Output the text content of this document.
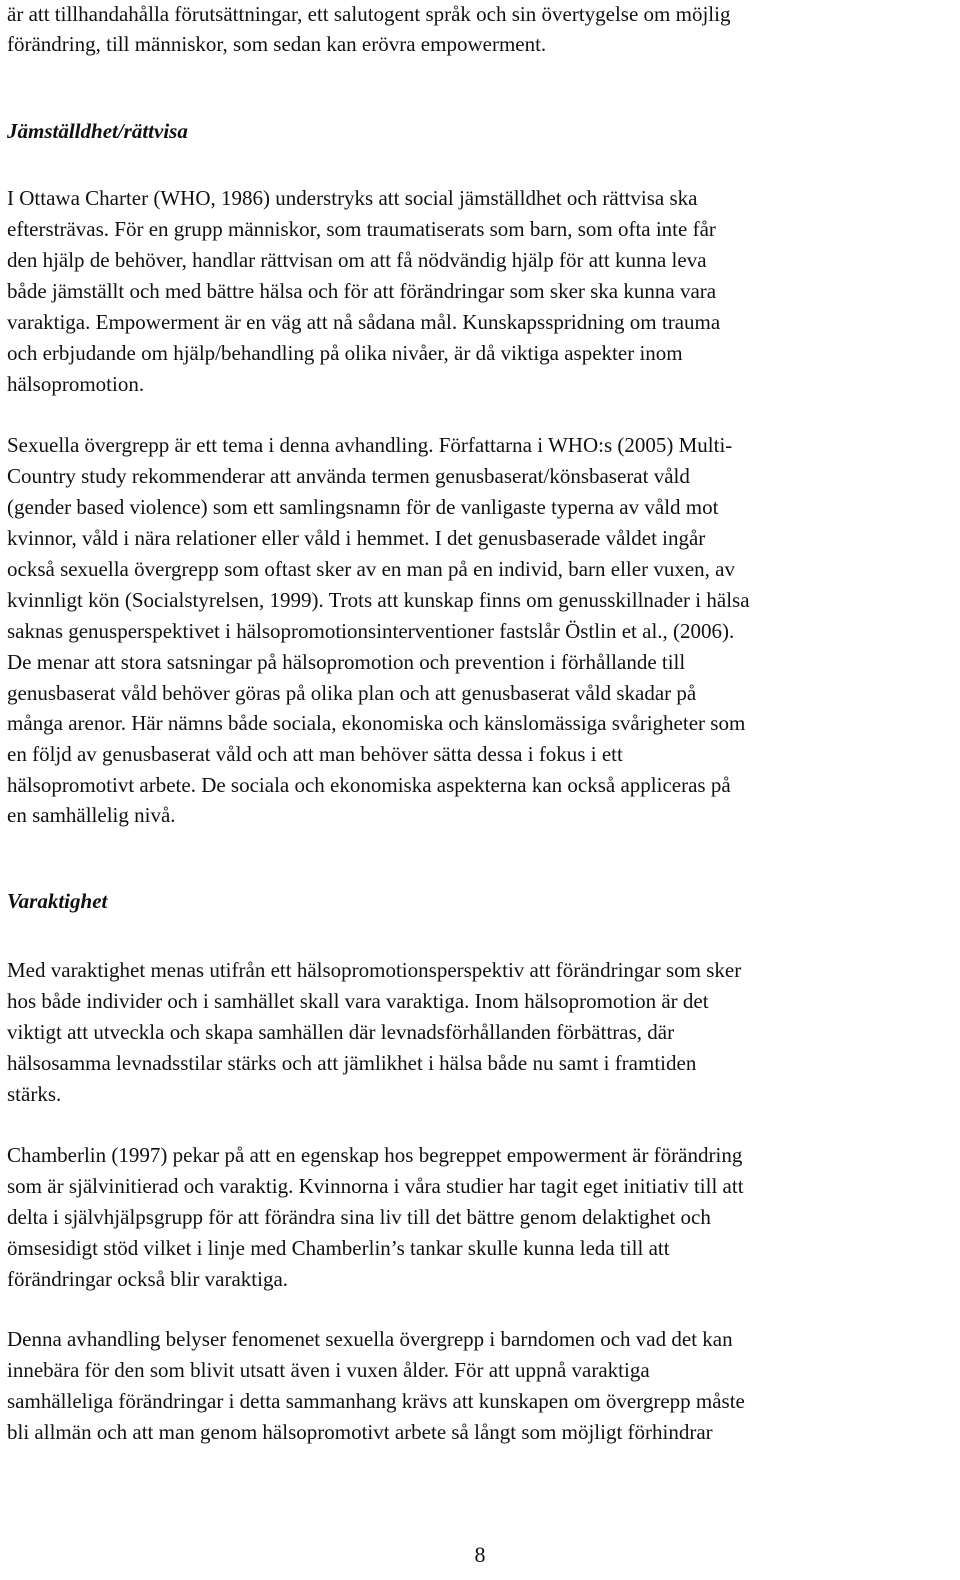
är att tillhandahålla förutsättningar, ett salutogent språk och sin övertygelse om möjlig
förändring, till människor, som sedan kan erövra empowerment.
Jämställdhet/rättvisa
I Ottawa Charter (WHO, 1986) understryks att social jämställdhet och rättvisa ska
eftersträvas. För en grupp människor, som traumatiserats som barn, som ofta inte får
den hjälp de behöver, handlar rättvisan om att få nödvändig hjälp för att kunna leva
både jämställt och med bättre hälsa och för att förändringar som sker ska kunna vara
varaktiga. Empowerment är en väg att nå sådana mål. Kunskapsspridning om trauma
och erbjudande om hjälp/behandling på olika nivåer, är då viktiga aspekter inom
hälsopromotion.
Sexuella övergrepp är ett tema i denna avhandling. Författarna i WHO:s (2005) Multi-
Country study rekommenderar att använda termen genusbaserat/könsbaserat våld
(gender based violence) som ett samlingsnamn för de vanligaste typerna av våld mot
kvinnor, våld i nära relationer eller våld i hemmet. I det genusbaserade våldet ingår
också sexuella övergrepp som oftast sker av en man på en individ, barn eller vuxen, av
kvinnligt kön (Socialstyrelsen, 1999). Trots att kunskap finns om genusskillnader i hälsa
saknas genusperspektivet i hälsopromotionsinterventioner fastslår Östlin et al., (2006).
De menar att stora satsningar på hälsopromotion och prevention i förhållande till
genusbaserat våld behöver göras på olika plan och att genusbaserat våld skadar på
många arenor. Här nämns både sociala, ekonomiska och känslomässiga svårigheter som
en följd av genusbaserat våld och att man behöver sätta dessa i fokus i ett
hälsopromotivt arbete. De sociala och ekonomiska aspekterna kan också appliceras på
en samhällelig nivå.
Varaktighet
Med varaktighet menas utifrån ett hälsopromotionsperspektiv att förändringar som sker
hos både individer och i samhället skall vara varaktiga. Inom hälsopromotion är det
viktigt att utveckla och skapa samhällen där levnadsförhållanden förbättras, där
hälsosamma levnadsstilar stärks och att jämlikhet i hälsa både nu samt i framtiden
stärks.
Chamberlin (1997) pekar på att en egenskap hos begreppet empowerment är förändring
som är självinitierad och varaktig. Kvinnorna i våra studier har tagit eget initiativ till att
delta i självhjälpsgrupp för att förändra sina liv till det bättre genom delaktighet och
ömsesidigt stöd vilket i linje med Chamberlin’s tankar skulle kunna leda till att
förändringar också blir varaktiga.
Denna avhandling belyser fenomenet sexuella övergrepp i barndomen och vad det kan
innebära för den som blivit utsatt även i vuxen ålder. För att uppnå varaktiga
samhälleliga förändringar i detta sammanhang krävs att kunskapen om övergrepp måste
bli allmän och att man genom hälsopromotivt arbete så långt som möjligt förhindrar
8
